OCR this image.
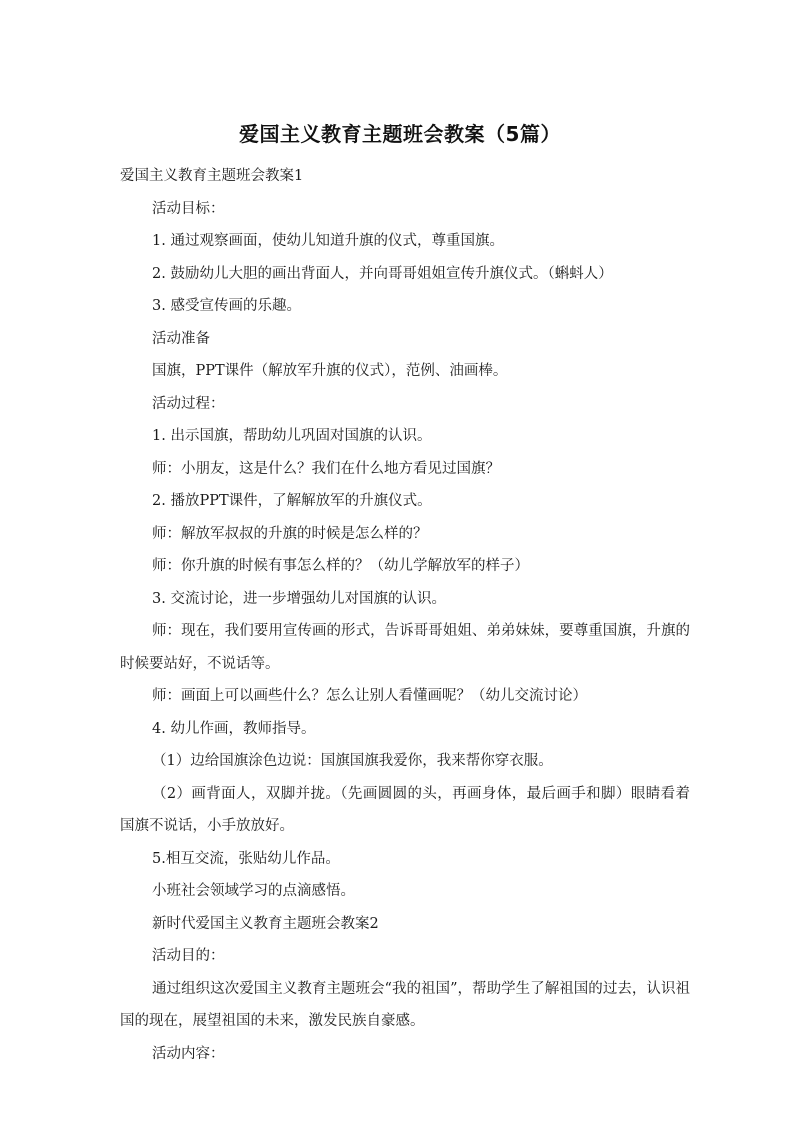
爱国主义教育主题班会教案（5篇）

爱国主义教育主题班会教案1

活动目标：

1. 通过观察画面，使幼儿知道升旗的仪式，尊重国旗。

2. 鼓励幼儿大胆的画出背面人，并向哥哥姐姐宣传升旗仪式。（蝌蚪人）

3. 感受宣传画的乐趣。

活动准备

国旗，PPT课件（解放军升旗的仪式），范例、油画棒。

活动过程：

1. 出示国旗，帮助幼儿巩固对国旗的认识。

师：小朋友，这是什么？我们在什么地方看见过国旗？

2. 播放PPT课件，了解解放军的升旗仪式。

师：解放军叔叔的升旗的时候是怎么样的？

师：你升旗的时候有事怎么样的？（幼儿学解放军的样子）

3. 交流讨论，进一步增强幼儿对国旗的认识。

师：现在，我们要用宣传画的形式，告诉哥哥姐姐、弟弟妹妹，要尊重国旗，升旗的时候要站好，不说话等。

师：画面上可以画些什么？怎么让别人看懂画呢？（幼儿交流讨论）

4. 幼儿作画，教师指导。

（1）边给国旗涂色边说：国旗国旗我爱你，我来帮你穿衣服。

（2）画背面人，双脚并拢。（先画圆圆的头，再画身体，最后画手和脚）眼睛看着国旗不说话，小手放放好。

5.相互交流，张贴幼儿作品。

小班社会领域学习的点滴感悟。

新时代爱国主义教育主题班会教案2

活动目的：

通过组织这次爱国主义教育主题班会“我的祖国”，帮助学生了解祖国的过去，认识祖国的现在，展望祖国的未来，激发民族自豪感。

活动内容：
